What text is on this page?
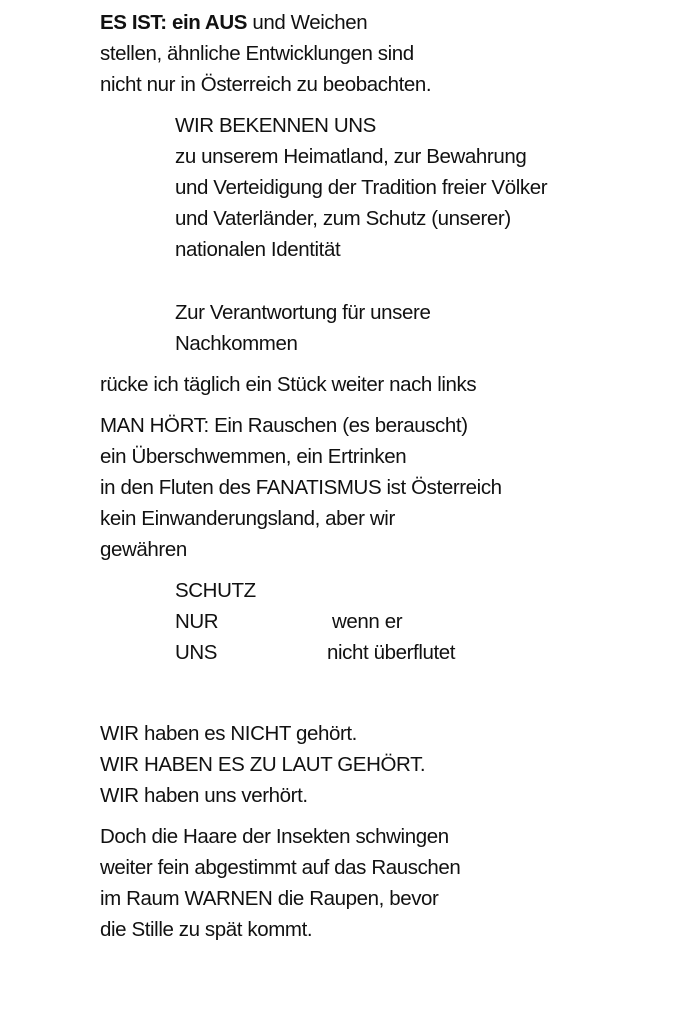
ES IST: ein AUS und Weichen
stellen, ähnliche Entwicklungen sind
nicht nur in Österreich zu beobachten.
WIR BEKENNEN UNS
zu unserem Heimatland, zur Bewahrung
und Verteidigung der Tradition freier Völker
und Vaterländer, zum Schutz (unserer)
nationalen Identität
Zur Verantwortung für unsere
Nachkommen
rücke ich täglich ein Stück weiter nach links
MAN HÖRT: Ein Rauschen (es berauscht)
ein Überschwemmen, ein Ertrinken
in den Fluten des FANATISMUS ist Österreich
kein Einwanderungsland, aber wir
gewähren
SCHUTZ
NUR	wenn er
UNS	nicht überflutet
WIR haben es NICHT gehört.
WIR HABEN ES ZU LAUT GEHÖRT.
WIR haben uns verhört.
Doch die Haare der Insekten schwingen
weiter fein abgestimmt auf das Rauschen
im Raum WARNEN die Raupen, bevor
die Stille zu spät kommt.
